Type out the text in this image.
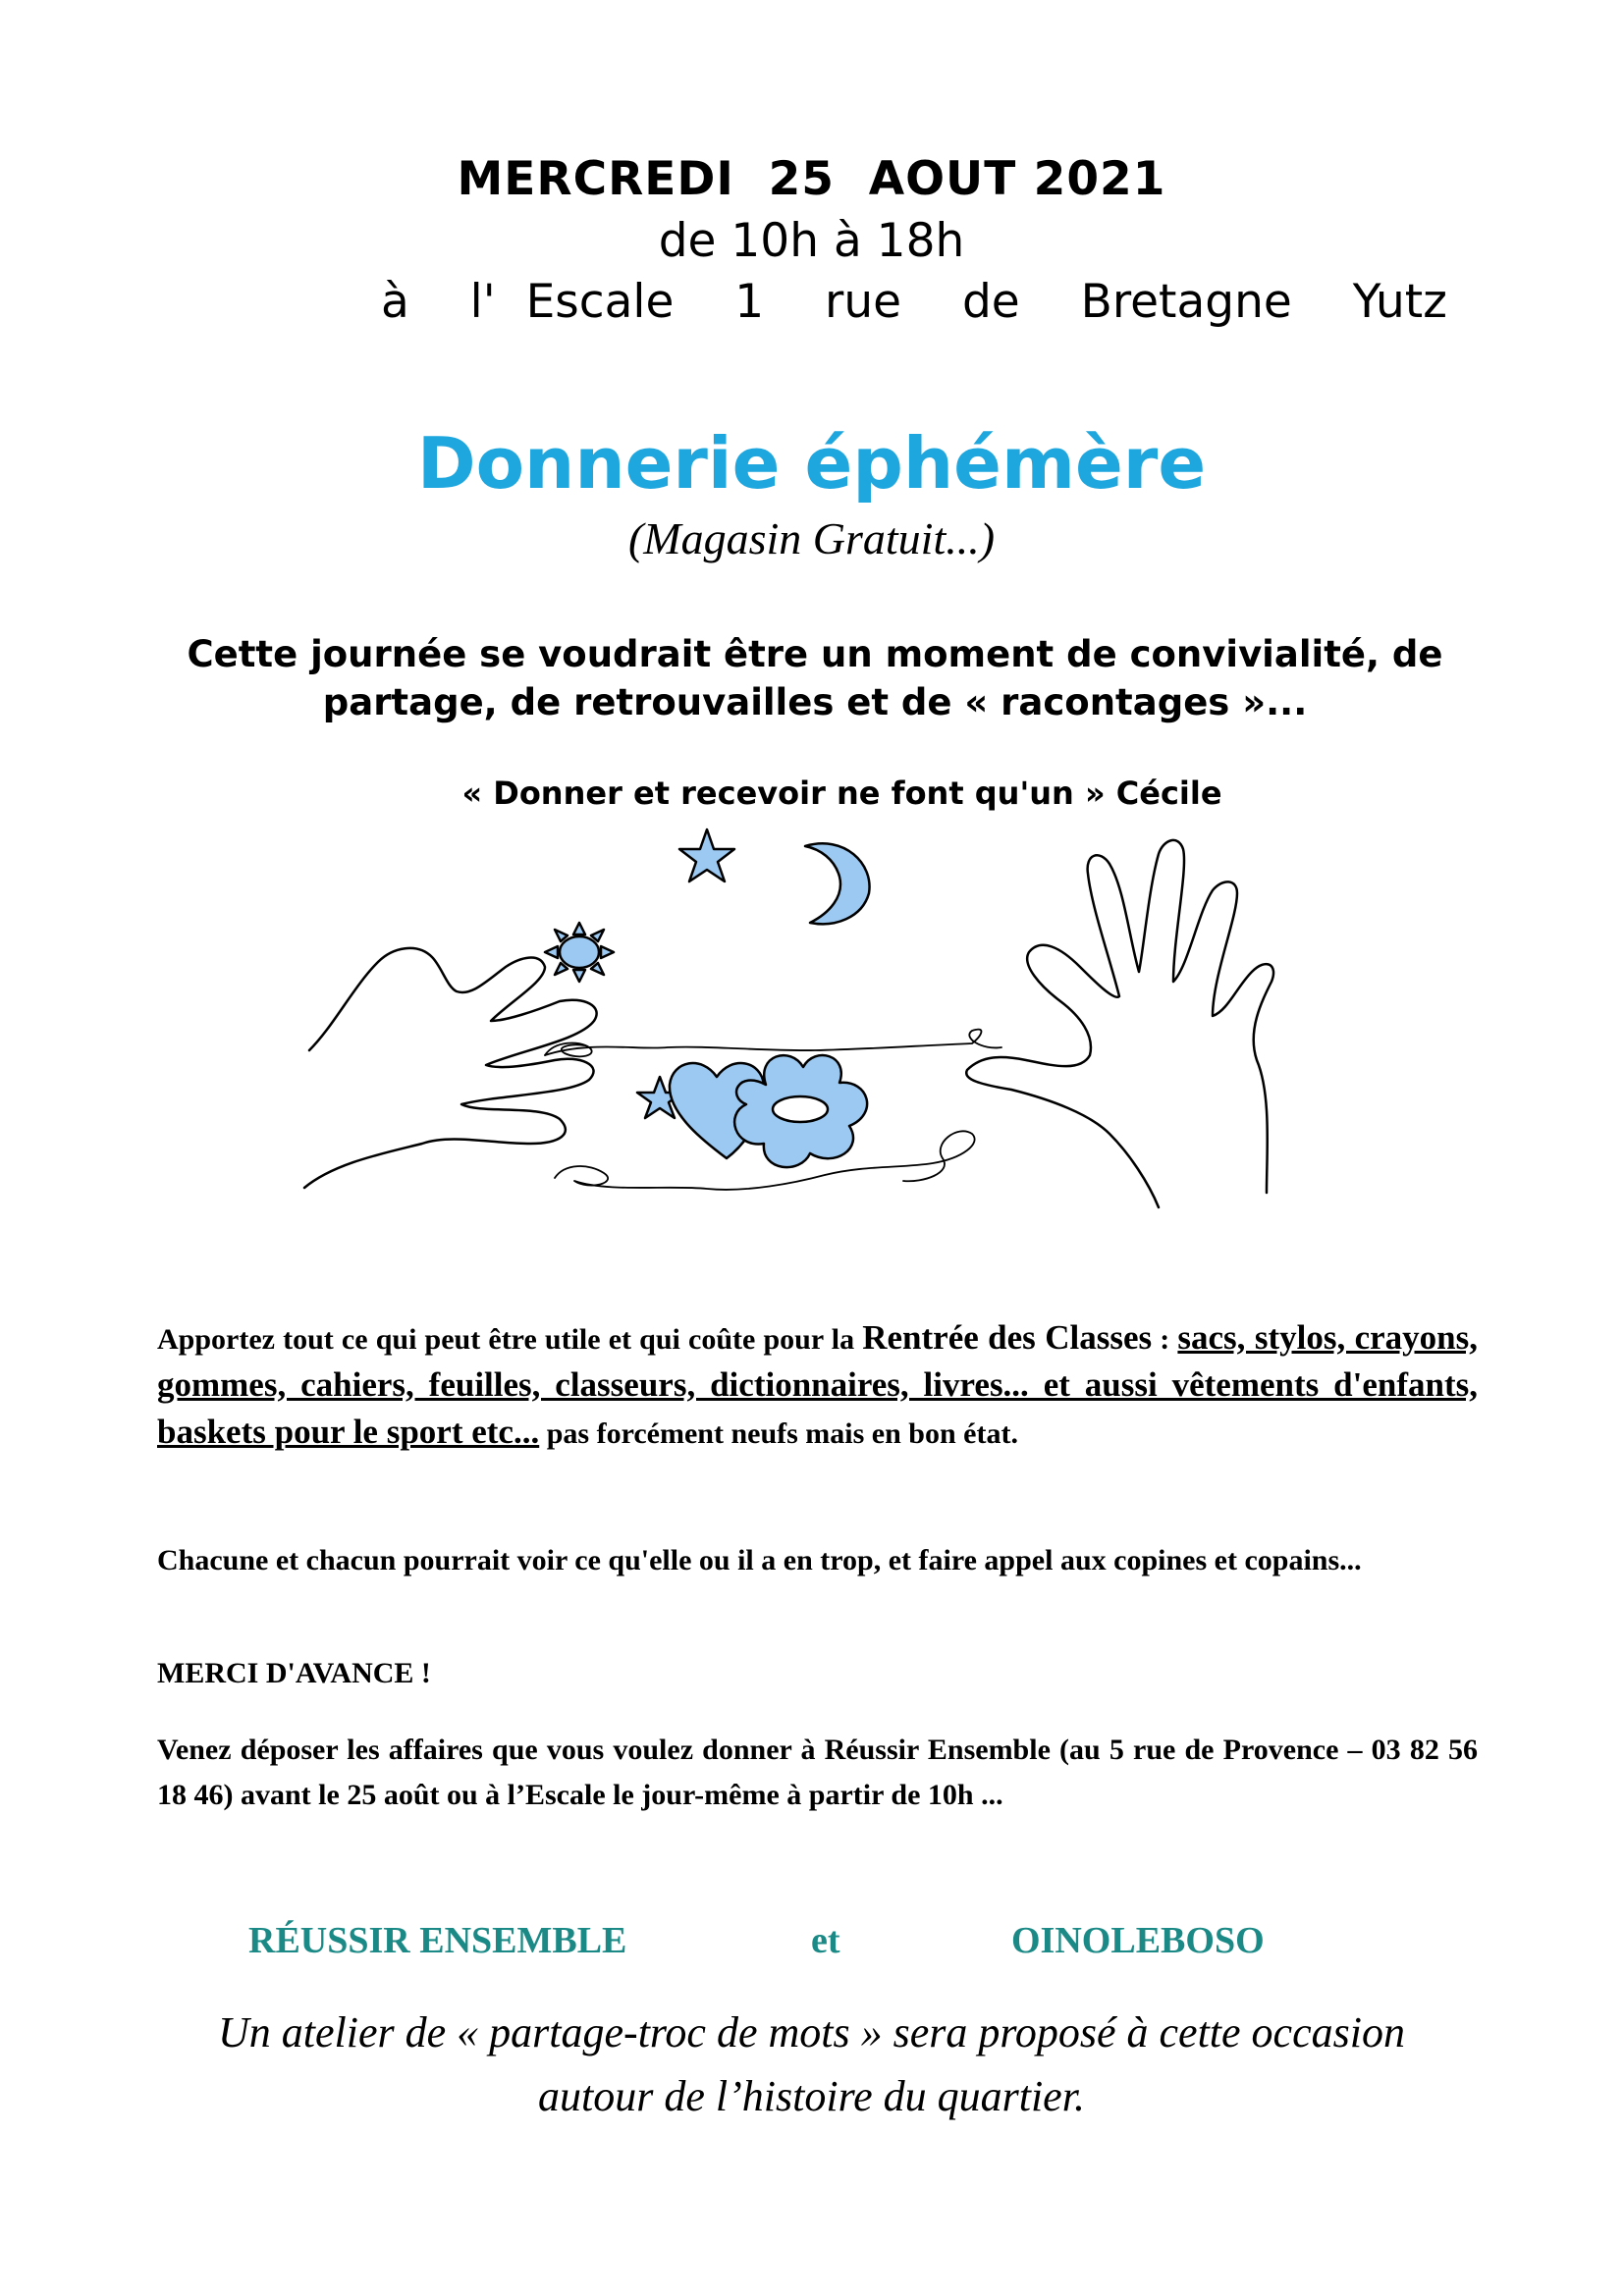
MERCREDI  25  AOUT 2021
de 10h à 18h
à  l' Escale  1  rue  de  Bretagne  Yutz
Donnerie éphémère
(Magasin Gratuit...)
Cette journée se voudrait être un moment de convivialité, de partage, de retrouvailles et de « racontages »...
« Donner et recevoir ne font qu'un » Cécile
Apportez tout ce qui peut être utile et qui coûte pour la Rentrée des Classes : sacs, stylos, crayons, gommes, cahiers, feuilles, classeurs, dictionnaires, livres... et aussi vêtements d'enfants, baskets pour le sport etc... pas forcément neufs mais en bon état.
Chacune et chacun pourrait voir ce qu'elle ou il a en trop, et faire appel aux copines et copains...
MERCI D'AVANCE !
Venez déposer les affaires que vous voulez donner à Réussir Ensemble (au 5 rue de Provence – 03 82 56 18 46) avant le 25 août ou à l’Escale le jour-même à partir de 10h ...
RÉUSSIR ENSEMBLE	et	OINOLEBOSO
Un atelier de « partage-troc de mots » sera proposé à cette occasion
autour de l’histoire du quartier.
